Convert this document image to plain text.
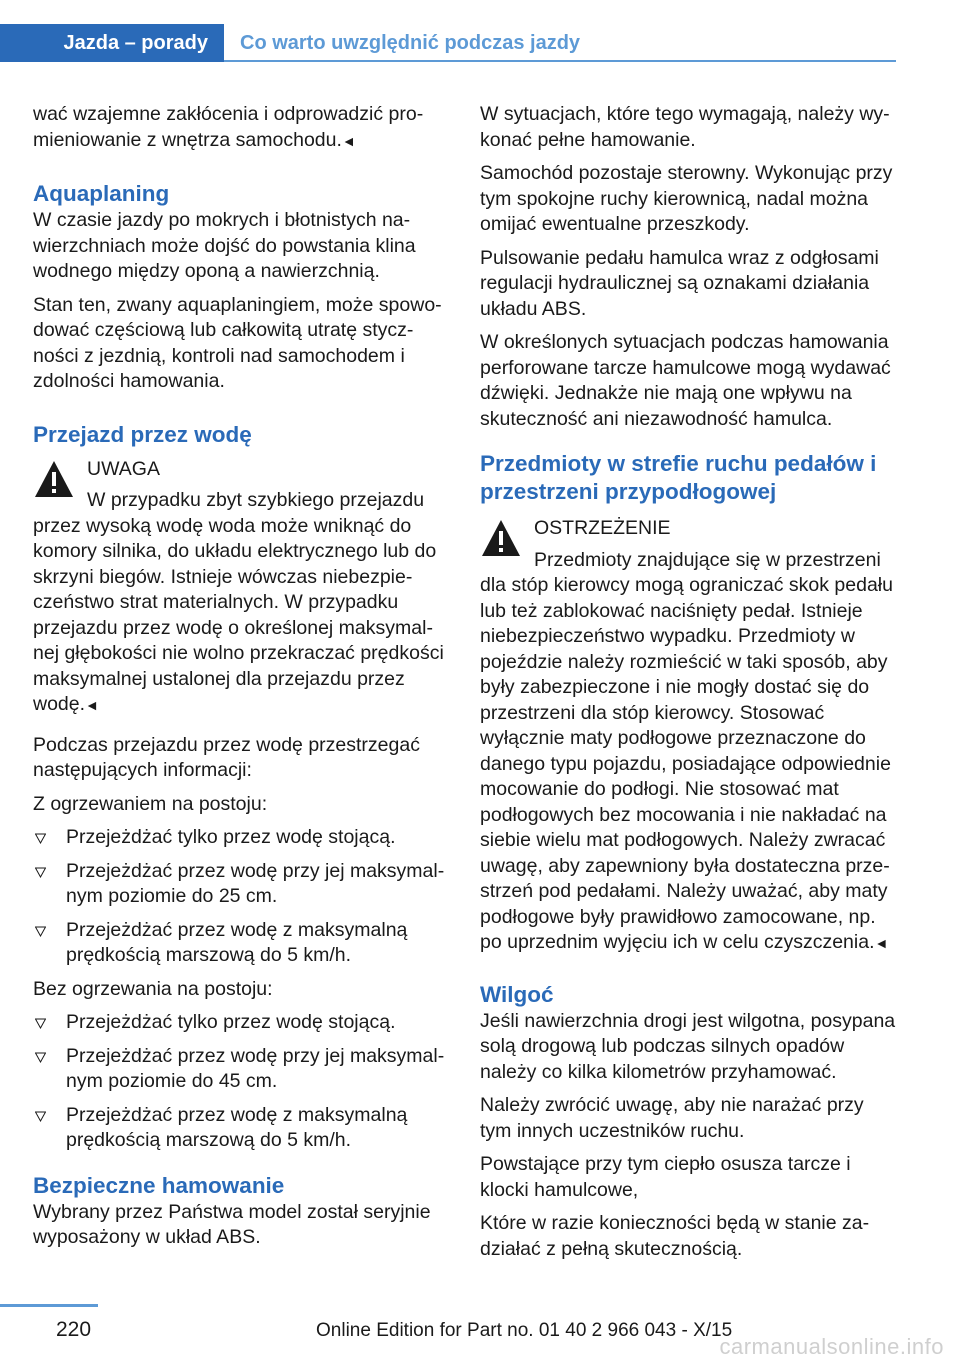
Jazda – porady	Co warto uwzględnić podczas jazdy

wać wzajemne zakłócenia i odprowadzić promieniowanie z wnętrza samochodu.◄

Aquaplaning

W czasie jazdy po mokrych i błotnistych nawierzchniach może dojść do powstania klina wodnego między oponą a nawierzchnią.

Stan ten, zwany aquaplaningiem, może spowodować częściową lub całkowitą utratę styczności z jezdnią, kontroli nad samochodem i zdolności hamowania.

Przejazd przez wodę
UWAGA

W przypadku zbyt szybkiego przejazdu przez wysoką wodę woda może wniknąć do komory silnika, do układu elektrycznego lub do skrzyni biegów. Istnieje wówczas niebezpieczeństwo strat materialnych. W przypadku przejazdu przez wodę o określonej maksymalnej głębokości nie wolno przekraczać prędkości maksymalnej ustalonej dla przejazdu przez wodę.◄

Podczas przejazdu przez wodę przestrzegać następujących informacji:

Z ogrzewaniem na postoju:

Przejeżdżać tylko przez wodę stojącą.
Przejeżdżać przez wodę przy jej maksymalnym poziomie do 25 cm.
Przejeżdżać przez wodę z maksymalną prędkością marszową do 5 km/h.

Bez ogrzewania na postoju:

Przejeżdżać tylko przez wodę stojącą.
Przejeżdżać przez wodę przy jej maksymalnym poziomie do 45 cm.
Przejeżdżać przez wodę z maksymalną prędkością marszową do 5 km/h.
Bezpieczne hamowanie

Wybrany przez Państwa model został seryjnie wyposażony w układ ABS.

W sytuacjach, które tego wymagają, należy wykonać pełne hamowanie.

Samochód pozostaje sterowny. Wykonując przy tym spokojne ruchy kierownicą, nadal można omijać ewentualne przeszkody.

Pulsowanie pedału hamulca wraz z odgłosami regulacji hydraulicznej są oznakami działania układu ABS.

W określonych sytuacjach podczas hamowania perforowane tarcze hamulcowe mogą wydawać dźwięki. Jednakże nie mają one wpływu na skuteczność ani niezawodność hamulca.

Przedmioty w strefie ruchu pedałów i przestrzeni przypodłogowej
OSTRZEŻENIE

Przedmioty znajdujące się w przestrzeni dla stóp kierowcy mogą ograniczać skok pedału lub też zablokować naciśnięty pedał. Istnieje niebezpieczeństwo wypadku. Przedmioty w pojeździe należy rozmieścić w taki sposób, aby były zabezpieczone i nie mogły dostać się do przestrzeni dla stóp kierowcy. Stosować wyłącznie maty podłogowe przeznaczone do danego typu pojazdu, posiadające odpowiednie mocowanie do podłogi. Nie stosować mat podłogowych bez mocowania i nie nakładać na siebie wielu mat podłogowych. Należy zwracać uwagę, aby zapewniony była dostateczna przestrzeń pod pedałami. Należy uważać, aby maty podłogowe były prawidłowo zamocowane, np. po uprzednim wyjęciu ich w celu czyszczenia.◄

Wilgoć

Jeśli nawierzchnia drogi jest wilgotna, posypana solą drogową lub podczas silnych opadów należy co kilka kilometrów przyhamować.

Należy zwrócić uwagę, aby nie narażać przy tym innych uczestników ruchu.

Powstające przy tym ciepło osusza tarcze i klocki hamulcowe,

Które w razie konieczności będą w stanie zadziałać z pełną skutecznością.

220	Online Edition for Part no. 01 40 2 966 043 - X/15
carmanualsonline.info
